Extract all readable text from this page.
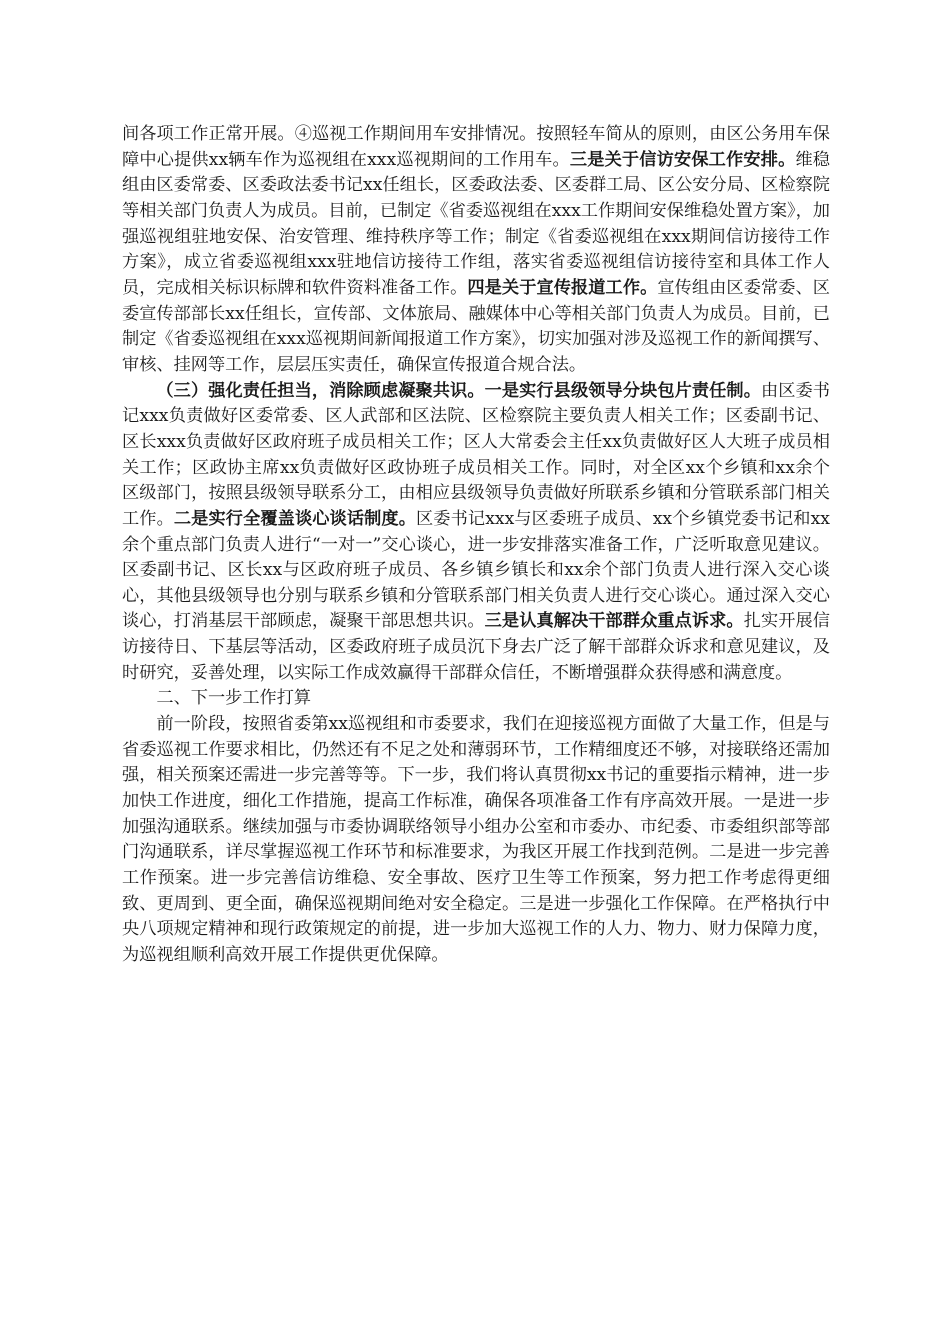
间各项工作正常开展。④巡视工作期间用车安排情况。按照轻车简从的原则，由区公务用车保障中心提供xx辆车作为巡视组在xxx巡视期间的工作用车。三是关于信访安保工作安排。维稳组由区委常委、区委政法委书记xx任组长，区委政法委、区委群工局、区公安分局、区检察院等相关部门负责人为成员。目前，已制定《省委巡视组在xxx工作期间安保维稳处置方案》，加强巡视组驻地安保、治安管理、维持秩序等工作；制定《省委巡视组在xxx期间信访接待工作方案》，成立省委巡视组xxx驻地信访接待工作组，落实省委巡视组信访接待室和具体工作人员，完成相关标识标牌和软件资料准备工作。四是关于宣传报道工作。宣传组由区委常委、区委宣传部部长xx任组长，宣传部、文体旅局、融媒体中心等相关部门负责人为成员。目前，已制定《省委巡视组在xxx巡视期间新闻报道工作方案》，切实加强对涉及巡视工作的新闻撰写、审核、挂网等工作，层层压实责任，确保宣传报道合规合法。

（三）强化责任担当，消除顾虑凝聚共识。一是实行县级领导分块包片责任制。由区委书记xxx负责做好区委常委、区人武部和区法院、区检察院主要负责人相关工作；区委副书记、区长xxx负责做好区政府班子成员相关工作；区人大常委会主任xx负责做好区人大班子成员相关工作；区政协主席xx负责做好区政协班子成员相关工作。同时，对全区xx个乡镇和xx余个区级部门，按照县级领导联系分工，由相应县级领导负责做好所联系乡镇和分管联系部门相关工作。二是实行全覆盖谈心谈话制度。区委书记xxx与区委班子成员、xx个乡镇党委书记和xx余个重点部门负责人进行“一对一”交心谈心，进一步安排落实准备工作，广泛听取意见建议。区委副书记、区长xx与区政府班子成员、各乡镇乡镇长和xx余个部门负责人进行深入交心谈心，其他县级领导也分别与联系乡镇和分管联系部门相关负责人进行交心谈心。通过深入交心谈心，打消基层干部顾虑，凝聚干部思想共识。三是认真解决干部群众重点诉求。扎实开展信访接待日、下基层等活动，区委政府班子成员沉下身去广泛了解干部群众诉求和意见建议，及时研究，妥善处理，以实际工作成效赢得干部群众信任，不断增强群众获得感和满意度。

二、下一步工作打算

前一阶段，按照省委第xx巡视组和市委要求，我们在迎接巡视方面做了大量工作，但是与省委巡视工作要求相比，仍然还有不足之处和薄弱环节，工作精细度还不够，对接联络还需加强，相关预案还需进一步完善等等。下一步，我们将认真贯彻xx书记的重要指示精神，进一步加快工作进度，细化工作措施，提高工作标准，确保各项准备工作有序高效开展。一是进一步加强沟通联系。继续加强与市委协调联络领导小组办公室和市委办、市纪委、市委组织部等部门沟通联系，详尽掌握巡视工作环节和标准要求，为我区开展工作找到范例。二是进一步完善工作预案。进一步完善信访维稳、安全事故、医疗卫生等工作预案，努力把工作考虑得更细致、更周到、更全面，确保巡视期间绝对安全稳定。三是进一步强化工作保障。在严格执行中央八项规定精神和现行政策规定的前提，进一步加大巡视工作的人力、物力、财力保障力度，为巡视组顺利高效开展工作提供更优保障。
